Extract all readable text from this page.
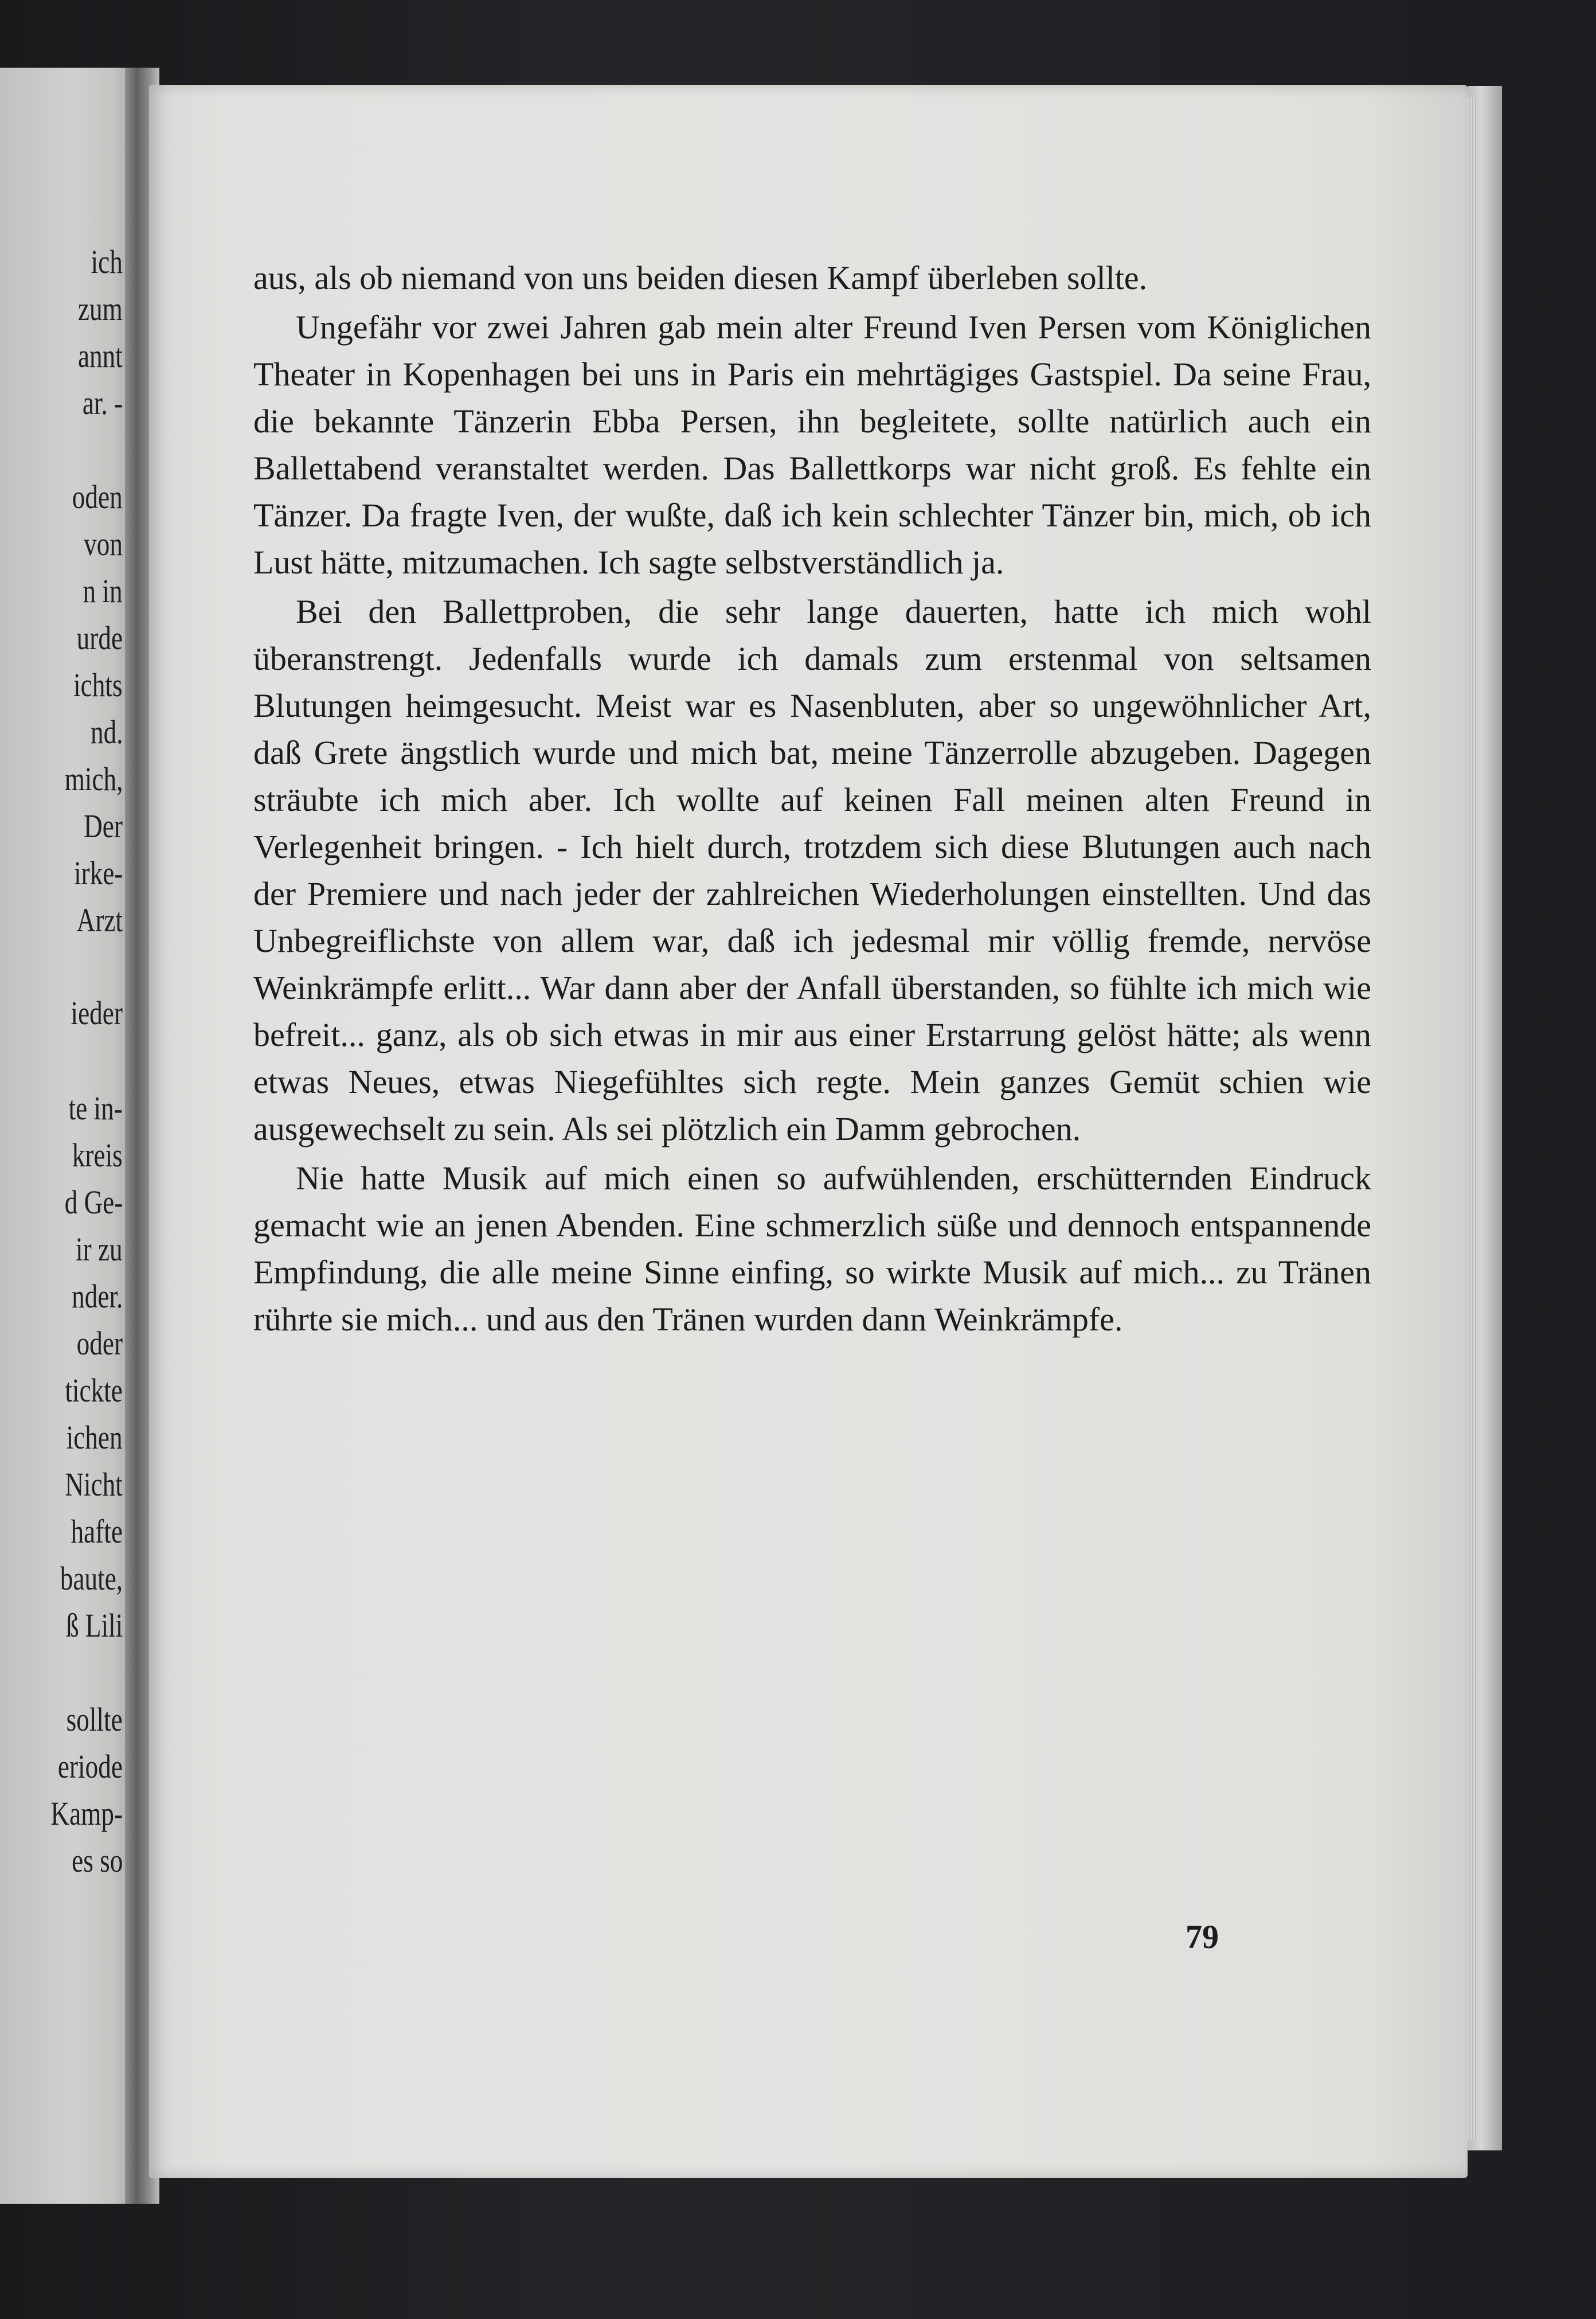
ich
zum
annt
ar. -
oden
von
n in
urde
ichts
nd.
mich,
Der
irke-
Arzt
ieder
te in-
kreis
d Ge-
ir zu
nder.
oder
tickte
ichen
Nicht
hafte
baute,
ß Lili
sollte
eriode
Kamp-
es so

aus, als ob niemand von uns beiden diesen Kampf überleben sollte.

Ungefähr vor zwei Jahren gab mein alter Freund Iven Persen vom Königlichen Theater in Kopenhagen bei uns in Paris ein mehrtägiges Gastspiel. Da seine Frau, die bekannte Tänzerin Ebba Persen, ihn begleitete, sollte natürlich auch ein Ballettabend veranstaltet werden. Das Ballettkorps war nicht groß. Es fehlte ein Tänzer. Da fragte Iven, der wußte, daß ich kein schlechter Tänzer bin, mich, ob ich Lust hätte, mitzumachen. Ich sagte selbstverständlich ja.

Bei den Ballettproben, die sehr lange dauerten, hatte ich mich wohl überanstrengt. Jedenfalls wurde ich damals zum erstenmal von seltsamen Blutungen heimgesucht. Meist war es Nasenbluten, aber so ungewöhnlicher Art, daß Grete ängstlich wurde und mich bat, meine Tänzerrolle abzugeben. Dagegen sträubte ich mich aber. Ich wollte auf keinen Fall meinen alten Freund in Verlegenheit bringen. - Ich hielt durch, trotzdem sich diese Blutungen auch nach der Premiere und nach jeder der zahlreichen Wiederholungen einstellten. Und das Unbegreiflichste von allem war, daß ich jedesmal mir völlig fremde, nervöse Weinkrämpfe erlitt... War dann aber der Anfall überstanden, so fühlte ich mich wie befreit... ganz, als ob sich etwas in mir aus einer Erstarrung gelöst hätte; als wenn etwas Neues, etwas Niegefühltes sich regte. Mein ganzes Gemüt schien wie ausgewechselt zu sein. Als sei plötzlich ein Damm gebrochen.

Nie hatte Musik auf mich einen so aufwühlenden, erschütternden Eindruck gemacht wie an jenen Abenden. Eine schmerzlich süße und dennoch entspannende Empfindung, die alle meine Sinne einfing, so wirkte Musik auf mich... zu Tränen rührte sie mich... und aus den Tränen wurden dann Weinkrämpfe.

79
